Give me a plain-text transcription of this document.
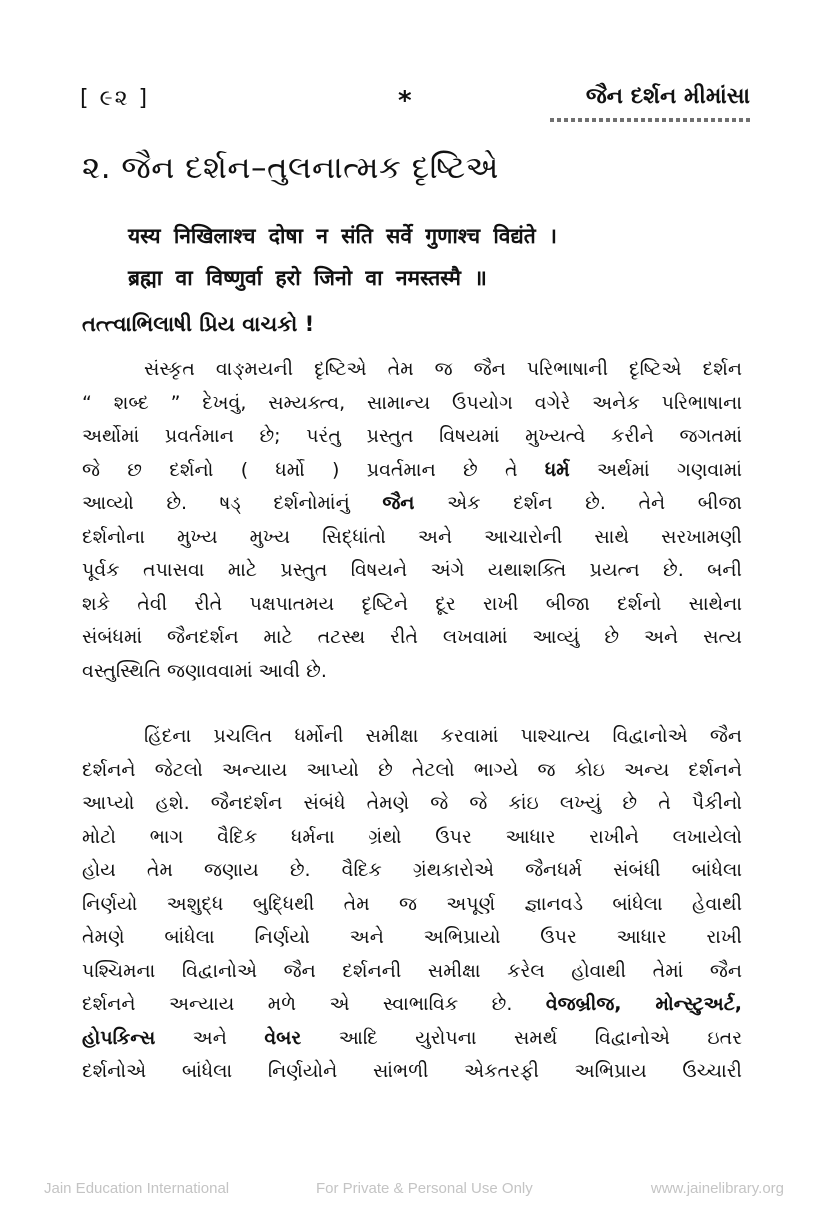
[ ૯૨ ]	*	જૈન દર્શન મીમાંસા
૨. જૈન દર્શન–તુલનાત્મક દૃષ્ટિએ
यस्य निखिलाश्च दोषा न संति सर्वे गुणाश्च विद्यंते ।
ब्रह्मा वा विष्णुर्वा हरो जिनो वा नमस्तस्मै ॥
તત્ત્વાભિલાષી પ્રિય વાચકો !
સંસ્કૃત વાઙ્મયની દૃષ્ટિએ તેમ જ જૈન પરિભાષાની દૃષ્ટિએ દર્શન
“ શબ્દ ” દેખવું, સમ્યક્ત્વ, સામાન્ય ઉપયોગ વગેરે અનેક પરિભાષાના
અર્થોમાં પ્રવર્તમાન છે; પરંતુ પ્રસ્તુત વિષયમાં મુખ્યત્વે કરીને જગતમાં
જે છ દર્શનો ( ધર્મો ) પ્રવર્તમાન છે તે ધર્મ અર્થમાં ગણવામાં
આવ્યો છે. ષડ્ દર્શનોમાંનું જૈન એક દર્શન છે. તેને બીજા
દર્શનોના મુખ્ય મુખ્ય સિદ્ધાંતો અને આચારોની સાથે સરખામણી
પૂર્વક તપાસવા માટે પ્રસ્તુત વિષયને અંગે યથાશક્તિ પ્રયત્ન છે. બની
શકે તેવી રીતે પક્ષપાતમય દૃષ્ટિને દૂર રાખી બીજા દર્શનો સાથેના
સંબંધમાં જૈનદર્શન માટે તટસ્થ રીતે લખવામાં આવ્યું છે અને સત્ય
વસ્તુસ્થિતિ જણાવવામાં આવી છે.
હિંદના પ્રચલિત ધર્મોની સમીક્ષા કરવામાં પાશ્ચાત્ય વિદ્વાનોએ જૈન
દર્શનને જેટલો અન્યાય આપ્યો છે તેટલો ભાગ્યે જ કોઇ અન્ય દર્શનને
આપ્યો હશે. જૈનદર્શન સંબંધે તેમણે જે જે કાંઇ લખ્યું છે તે પૈકીનો
મોટો ભાગ વૈદિક ધર્મના ગ્રંથો ઉપર આધાર રાખીને લખાયેલો
હોય તેમ જણાય છે. વૈદિક ગ્રંથકારોએ જૈનધર્મ સંબંધી બાંધેલા
નિર્ણયો અશુદ્ધ બુદ્ધિથી તેમ જ અપૂર્ણ જ્ઞાનવડે બાંધેલા હેવાથી
તેમણે બાંધેલા નિર્ણયો અને અભિપ્રાયો ઉપર આધાર રાખી
પશ્ચિમના વિદ્વાનોએ જૈન દર્શનની સમીક્ષા કરેલ હોવાથી તેમાં જૈન
દર્શનને અન્યાય મળે એ સ્વાભાવિક છે. વેજબ્રીજ, મોન્સ્ટુઅર્ટ,
હોપકિન્સ અને વેબર આદિ યુરોપના સમર્થ વિદ્વાનોએ ઇતર
દર્શનોએ બાંધેલા નિર્ણયોને સાંભળી એકતરફી અભિપ્રાય ઉચ્ચારી
Jain Education International	For Private & Personal Use Only	www.jainelibrary.org
